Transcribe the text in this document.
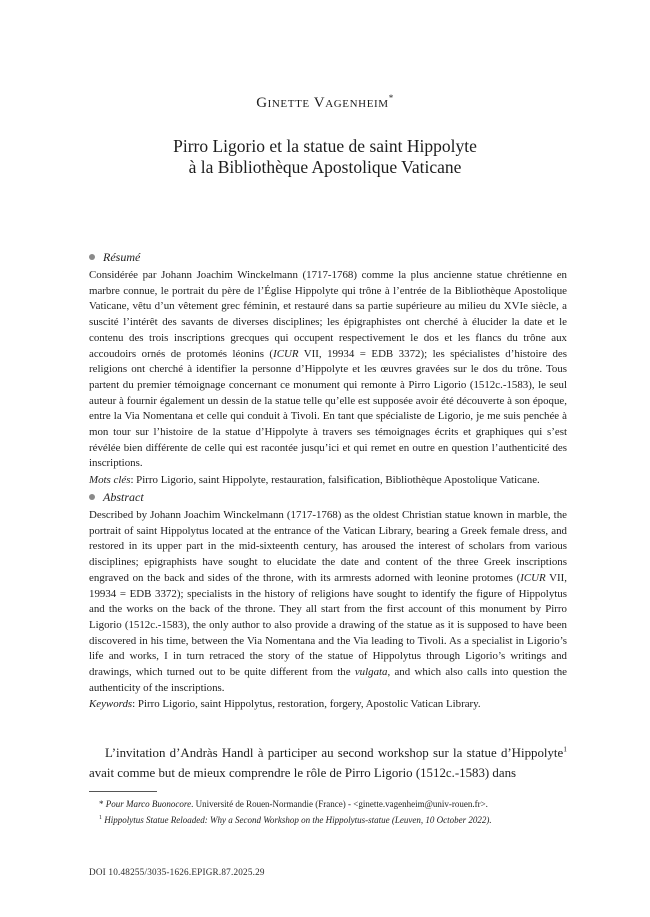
Ginette Vagenheim*
Pirro Ligorio et la statue de saint Hippolyte
à la Bibliothèque Apostolique Vaticane
Résumé
Considérée par Johann Joachim Winckelmann (1717-1768) comme la plus ancienne statue chrétienne en marbre connue, le portrait du père de l’Église Hippolyte qui trône à l’entrée de la Bibliothèque Apostolique Vaticane, vêtu d’un vêtement grec féminin, et restauré dans sa partie supérieure au milieu du XVIe siècle, a suscité l’intérêt des savants de diverses disciplines; les épigraphistes ont cherché à élucider la date et le contenu des trois inscriptions grecques qui occupent respectivement le dos et les flancs du trône aux accoudoirs ornés de protomés léonins (ICUR VII, 19934 = EDB 3372); les spécialistes d’histoire des religions ont cherché à identifier la personne d’Hippolyte et les œuvres gravées sur le dos du trône. Tous partent du premier témoignage concernant ce monument qui remonte à Pirro Ligorio (1512c.-1583), le seul auteur à fournir également un dessin de la statue telle qu’elle est supposée avoir été découverte à son époque, entre la Via Nomentana et celle qui conduit à Tivoli. En tant que spécialiste de Ligorio, je me suis penchée à mon tour sur l’histoire de la statue d’Hippolyte à travers ses témoignages écrits et graphiques qui s’est révélée bien différente de celle qui est racontée jusqu’ici et qui remet en outre en question l’authenticité des inscriptions.
Mots clés: Pirro Ligorio, saint Hippolyte, restauration, falsification, Bibliothèque Apostolique Vaticane.
Abstract
Described by Johann Joachim Winckelmann (1717-1768) as the oldest Christian statue known in marble, the portrait of saint Hippolytus located at the entrance of the Vatican Library, bearing a Greek female dress, and restored in its upper part in the mid-sixteenth century, has aroused the interest of scholars from various disciplines; epigraphists have sought to elucidate the date and content of the three Greek inscriptions engraved on the back and sides of the throne, with its armrests adorned with leonine protomes (ICUR VII, 19934 = EDB 3372); specialists in the history of religions have sought to identify the figure of Hippolytus and the works on the back of the throne. They all start from the first account of this monument by Pirro Ligorio (1512c.-1583), the only author to also provide a drawing of the statue as it is supposed to have been discovered in his time, between the Via Nomentana and the Via leading to Tivoli. As a specialist in Ligorio’s life and works, I in turn retraced the story of the statue of Hippolytus through Ligorio’s writings and drawings, which turned out to be quite different from the vulgata, and which also calls into question the authenticity of the inscriptions.
Keywords: Pirro Ligorio, saint Hippolytus, restoration, forgery, Apostolic Vatican Library.
L’invitation d’Andràs Handl à participer au second workshop sur la statue d’Hippolyte$^1$ avait comme but de mieux comprendre le rôle de Pirro Ligorio (1512c.-1583) dans
* Pour Marco Buonocore. Université de Rouen-Normandie (France) - <ginette.vagenheim@univ-rouen.fr>.
$^1$ Hippolytus Statue Reloaded: Why a Second Workshop on the Hippolytus-statue (Leuven, 10 October 2022).
DOI 10.48255/3035-1626.EPIGR.87.2025.29
